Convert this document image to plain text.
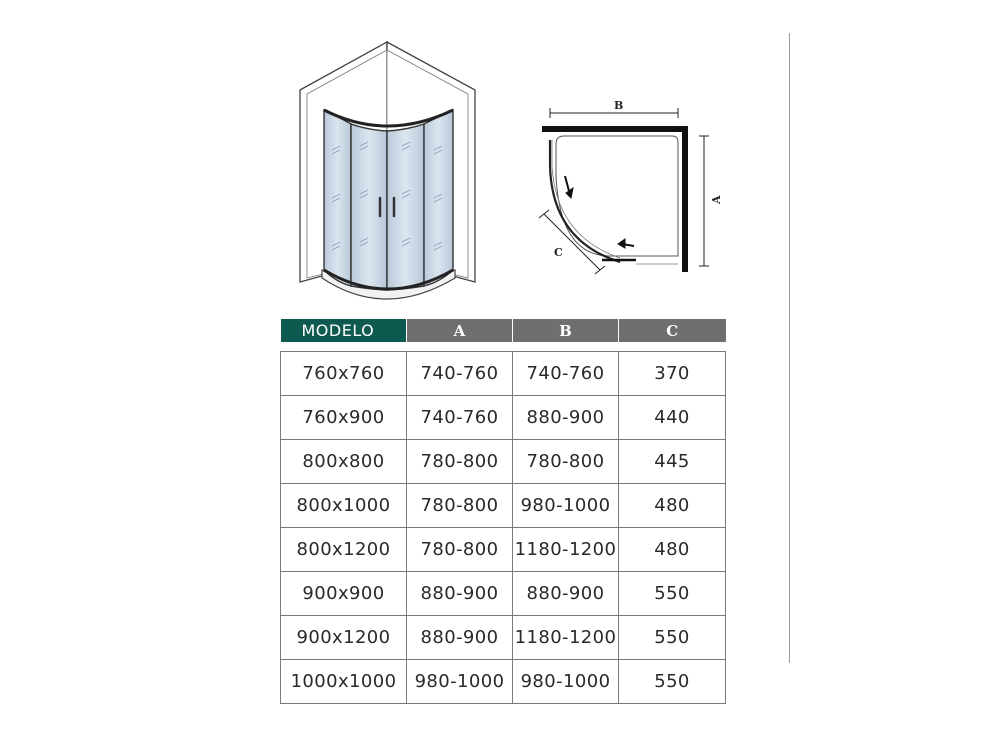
B
A
C
MODELO	A	B	C

760x760	740-760	740-760	370
760x900	740-760	880-900	440
800x800	780-800	780-800	445
800x1000	780-800	980-1000	480
800x1200	780-800	1180-1200	480
900x900	880-900	880-900	550
900x1200	880-900	1180-1200	550
1000x1000	980-1000	980-1000	550
